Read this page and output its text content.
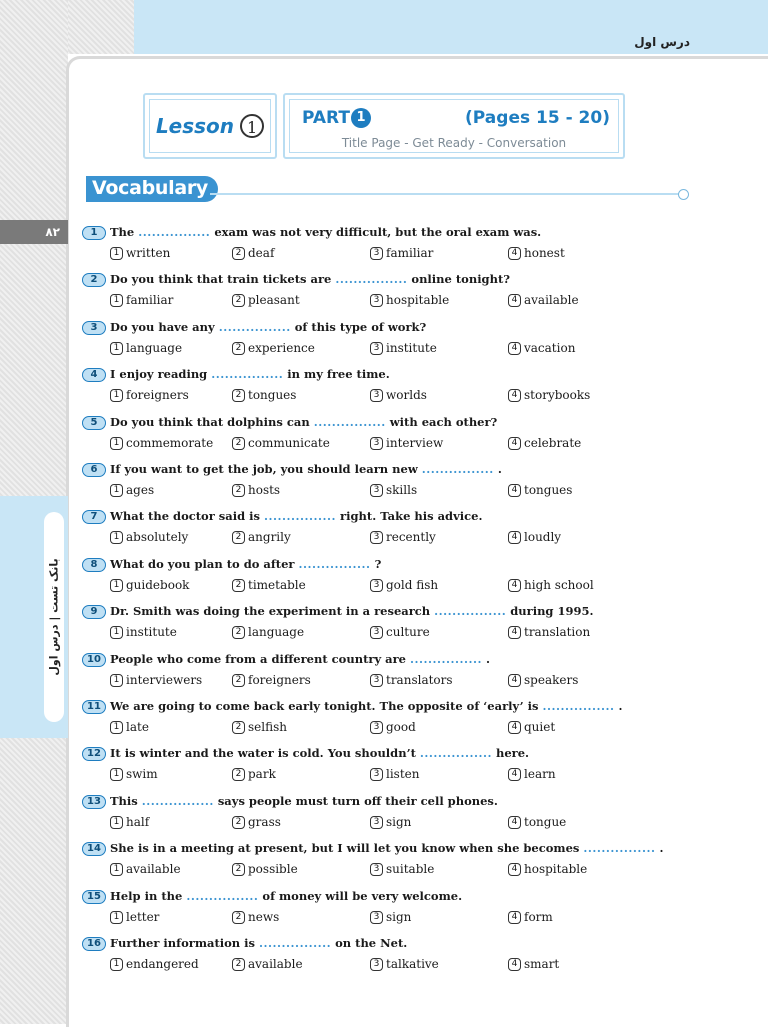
درس اول
۸۲
بانک تست | درس اول
Lesson 1	PART 1	(Pages 15 - 20)
Title Page - Get Ready - Conversation
Vocabulary
1 The ................ exam was not very difficult, but the oral exam was.
1 written	2 deaf	3 familiar	4 honest
2 Do you think that train tickets are ................ online tonight?
1 familiar	2 pleasant	3 hospitable	4 available
3 Do you have any ................ of this type of work?
1 language	2 experience	3 institute	4 vacation
4 I enjoy reading ................ in my free time.
1 foreigners	2 tongues	3 worlds	4 storybooks
5 Do you think that dolphins can ................ with each other?
1 commemorate	2 communicate	3 interview	4 celebrate
6 If you want to get the job, you should learn new ................ .
1 ages	2 hosts	3 skills	4 tongues
7 What the doctor said is ................ right. Take his advice.
1 absolutely	2 angrily	3 recently	4 loudly
8 What do you plan to do after ................ ?
1 guidebook	2 timetable	3 gold fish	4 high school
9 Dr. Smith was doing the experiment in a research ................ during 1995.
1 institute	2 language	3 culture	4 translation
10 People who come from a different country are ................ .
1 interviewers	2 foreigners	3 translators	4 speakers
11 We are going to come back early tonight. The opposite of ‘early’ is ................ .
1 late	2 selfish	3 good	4 quiet
12 It is winter and the water is cold. You shouldn’t ................ here.
1 swim	2 park	3 listen	4 learn
13 This ................ says people must turn off their cell phones.
1 half	2 grass	3 sign	4 tongue
14 She is in a meeting at present, but I will let you know when she becomes ................ .
1 available	2 possible	3 suitable	4 hospitable
15 Help in the ................ of money will be very welcome.
1 letter	2 news	3 sign	4 form
16 Further information is ................ on the Net.
1 endangered	2 available	3 talkative	4 smart
